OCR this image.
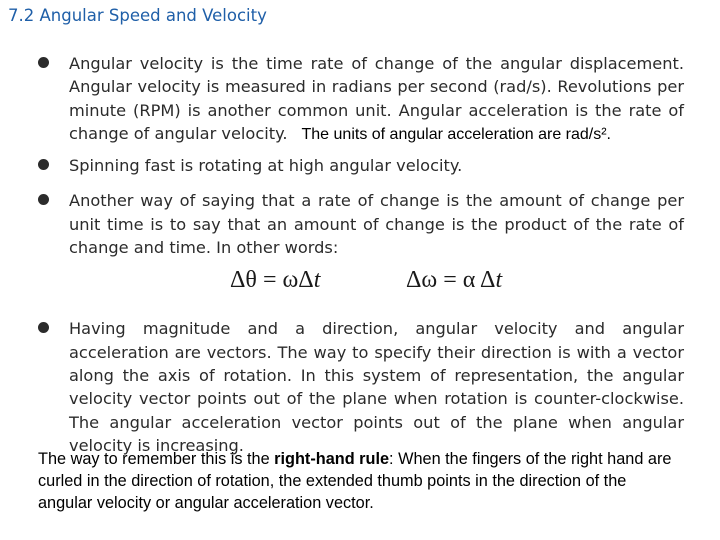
7.2 Angular Speed and Velocity
Angular velocity is the time rate of change of the angular displacement. Angular velocity is measured in radians per second (rad/s). Revolutions per minute (RPM) is another common unit. Angular acceleration is the rate of change of angular velocity. The units of angular acceleration are rad/s².
Spinning fast is rotating at high angular velocity.
Another way of saying that a rate of change is the amount of change per unit time is to say that an amount of change is the product of the rate of change and time. In other words:
Δθ = ωΔt	Δω = α Δt
Having magnitude and a direction, angular velocity and angular acceleration are vectors. The way to specify their direction is with a vector along the axis of rotation. In this system of representation, the angular velocity vector points out of the plane when rotation is counter-clockwise. The angular acceleration vector points out of the plane when angular velocity is increasing.

The way to remember this is the right-hand rule: When the fingers of the right hand are curled in the direction of rotation, the extended thumb points in the direction of the angular velocity or angular acceleration vector.
